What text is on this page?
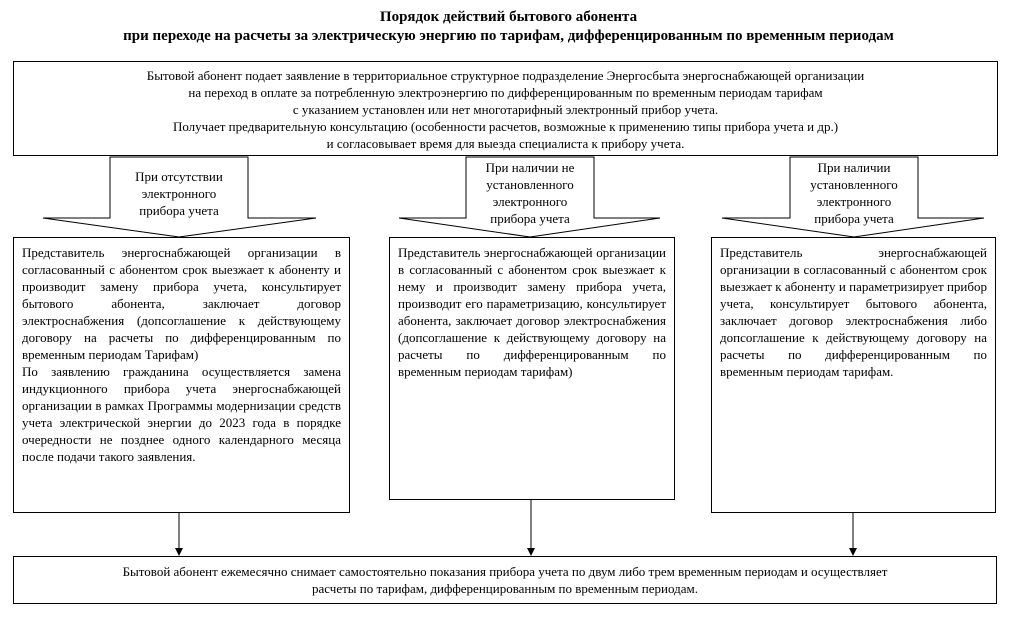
Порядок действий бытового абонента
при переходе на расчеты за электрическую энергию по тарифам, дифференцированным по временным периодам
Бытовой абонент подает заявление в территориальное структурное подразделение Энергосбыта энергоснабжающей организации
на переход в оплате за потребленную электроэнергию по дифференцированным по временным периодам тарифам
с указанием установлен или нет многотарифный электронный прибор учета.
Получает предварительную консультацию (особенности расчетов, возможные к применению типы прибора учета и др.)
и согласовывает время для выезда специалиста к прибору учета.
При отсутствии
электронного
прибора учета
При наличии не
установленного
электронного
прибора учета
При наличии
установленного
электронного
прибора учета
Представитель энергоснабжающей организации в согласованный с абонентом срок выезжает к абоненту и производит замену прибора учета, консультирует бытового абонента, заключает договор электроснабжения (допсоглашение к действующему договору на расчеты по дифференцированным по временным периодам Тарифам)
По заявлению гражданина осуществляется замена индукционного прибора учета энергоснабжающей организации в рамках Программы модернизации средств учета электрической энергии до 2023 года в порядке очередности не позднее одного календарного месяца после подачи такого заявления.
Представитель энергоснабжающей организации в согласованный с абонентом срок выезжает к нему и производит замену прибора учета, производит его параметризацию, консультирует абонента, заключает договор электроснабжения (допсоглашение к действующему договору на расчеты по дифференцированным по временным периодам тарифам)
Представитель энергоснабжающей организации в согласованный с абонентом срок выезжает к абоненту и параметризирует прибор учета, консультирует бытового абонента, заключает договор электроснабжения либо допсоглашение к действующему договору на расчеты по дифференцированным по временным периодам тарифам.
Бытовой абонент ежемесячно снимает самостоятельно показания прибора учета по двум либо трем временным периодам и осуществляет
расчеты по тарифам, дифференцированным по временным периодам.
